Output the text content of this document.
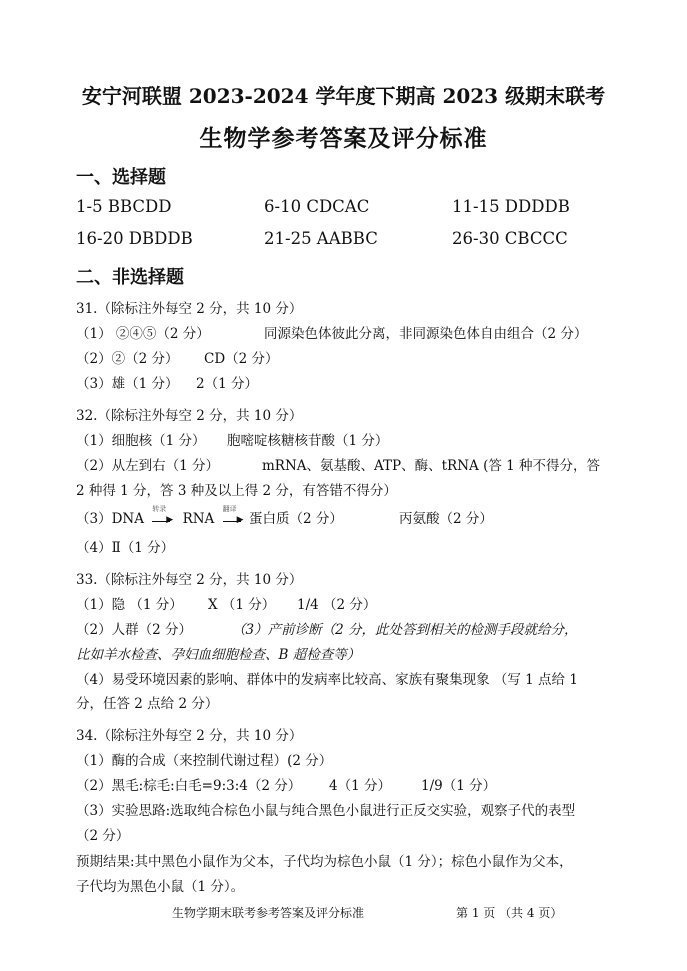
安宁河联盟 2023-2024 学年度下期高 2023 级期末联考
生物学参考答案及评分标准
一、选择题
1-5 BBCDD	6-10 CDCAC	11-15 DDDDB
16-20 DBDDB	21-25 AABBC	26-30 CBCCC
二、非选择题
31.（除标注外每空 2 分，共 10 分）
（1） ②④⑤（2 分）	同源染色体彼此分离，非同源染色体自由组合（2 分）
（2）②（2 分） CD（2 分）
（3）雄（1 分） 2（1 分）
32.（除标注外每空 2 分，共 10 分）
（1）细胞核（1 分） 胞嘧啶核糖核苷酸（1 分）
（2）从左到右（1 分）	mRNA、氨基酸、ATP、酶、tRNA (答 1 种不得分，答
2 种得 1 分，答 3 种及以上得 2 分，有答错不得分）
（3）DNA
转录
▶ RNA
翻译
▶ 蛋白质（2 分）	丙氨酸（2 分）
（4）Ⅱ（1 分）
33.（除标注外每空 2 分，共 10 分）
（1）隐 （1 分） X （1 分） 1/4 （2 分）
（2）人群（2 分）	（3）产前诊断（2 分，此处答到相关的检测手段就给分，
比如羊水检查、孕妇血细胞检查、B 超检查等）
（4）易受环境因素的影响、群体中的发病率比较高、家族有聚集现象 （写 1 点给 1
分，任答 2 点给 2 分）
34.（除标注外每空 2 分，共 10 分）
（1）酶的合成（来控制代谢过程）(2 分）
（2）黑毛:棕毛:白毛=9:3:4（2 分） 4（1 分） 1/9（1 分）
（3）实验思路:选取纯合棕色小鼠与纯合黑色小鼠进行正反交实验，观察子代的表型
（2 分）
预期结果:其中黑色小鼠作为父本，子代均为棕色小鼠（1 分）；棕色小鼠作为父本，
子代均为黑色小鼠（1 分）。
生物学期末联考参考答案及评分标准	第 1 页 （共 4 页）
